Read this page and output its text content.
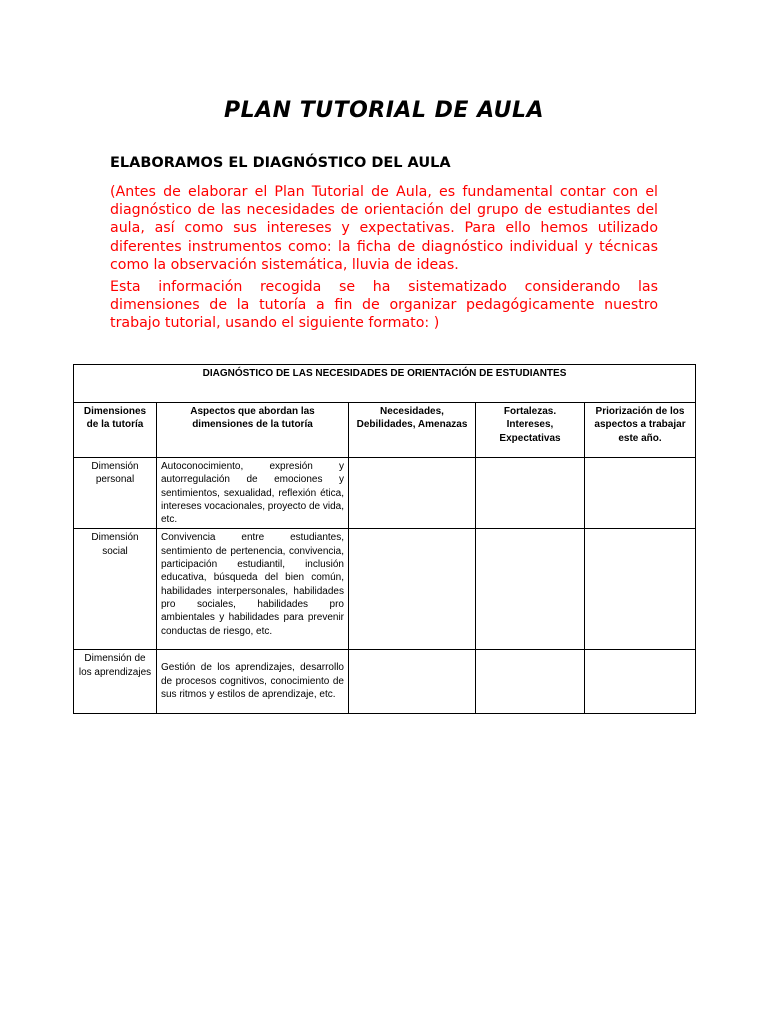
PLAN TUTORIAL DE AULA
ELABORAMOS EL DIAGNÓSTICO DEL AULA
(Antes de elaborar el Plan Tutorial de Aula, es fundamental contar con el diagnóstico de las necesidades de orientación del grupo de estudiantes del aula, así como sus intereses y expectativas. Para ello hemos utilizado diferentes instrumentos como: la ficha de diagnóstico individual y técnicas como la observación sistemática, lluvia de ideas.
Esta información recogida se ha sistematizado considerando las dimensiones de la tutoría a fin de organizar pedagógicamente nuestro trabajo tutorial, usando el siguiente formato: )
DIAGNÓSTICO DE LAS NECESIDADES DE ORIENTACIÓN DE ESTUDIANTES				
Dimensiones de la tutoría	Aspectos que abordan las dimensiones de la tutoría	Necesidades, Debilidades, Amenazas	Fortalezas. Intereses, Expectativas	Priorización de los aspectos a trabajar este año.
Dimensión personal	Autoconocimiento, expresión y autorregulación de emociones y sentimientos, sexualidad, reflexión ética, intereses vocacionales, proyecto de vida, etc.			
Dimensión social	Convivencia entre estudiantes, sentimiento de pertenencia, convivencia, participación estudiantil, inclusión educativa, búsqueda del bien común, habilidades interpersonales, habilidades pro sociales, habilidades pro ambientales y habilidades para prevenir conductas de riesgo, etc.			
Dimensión de los aprendizajes	Gestión de los aprendizajes, desarrollo de procesos cognitivos, conocimiento de sus ritmos y estilos de aprendizaje, etc.			
